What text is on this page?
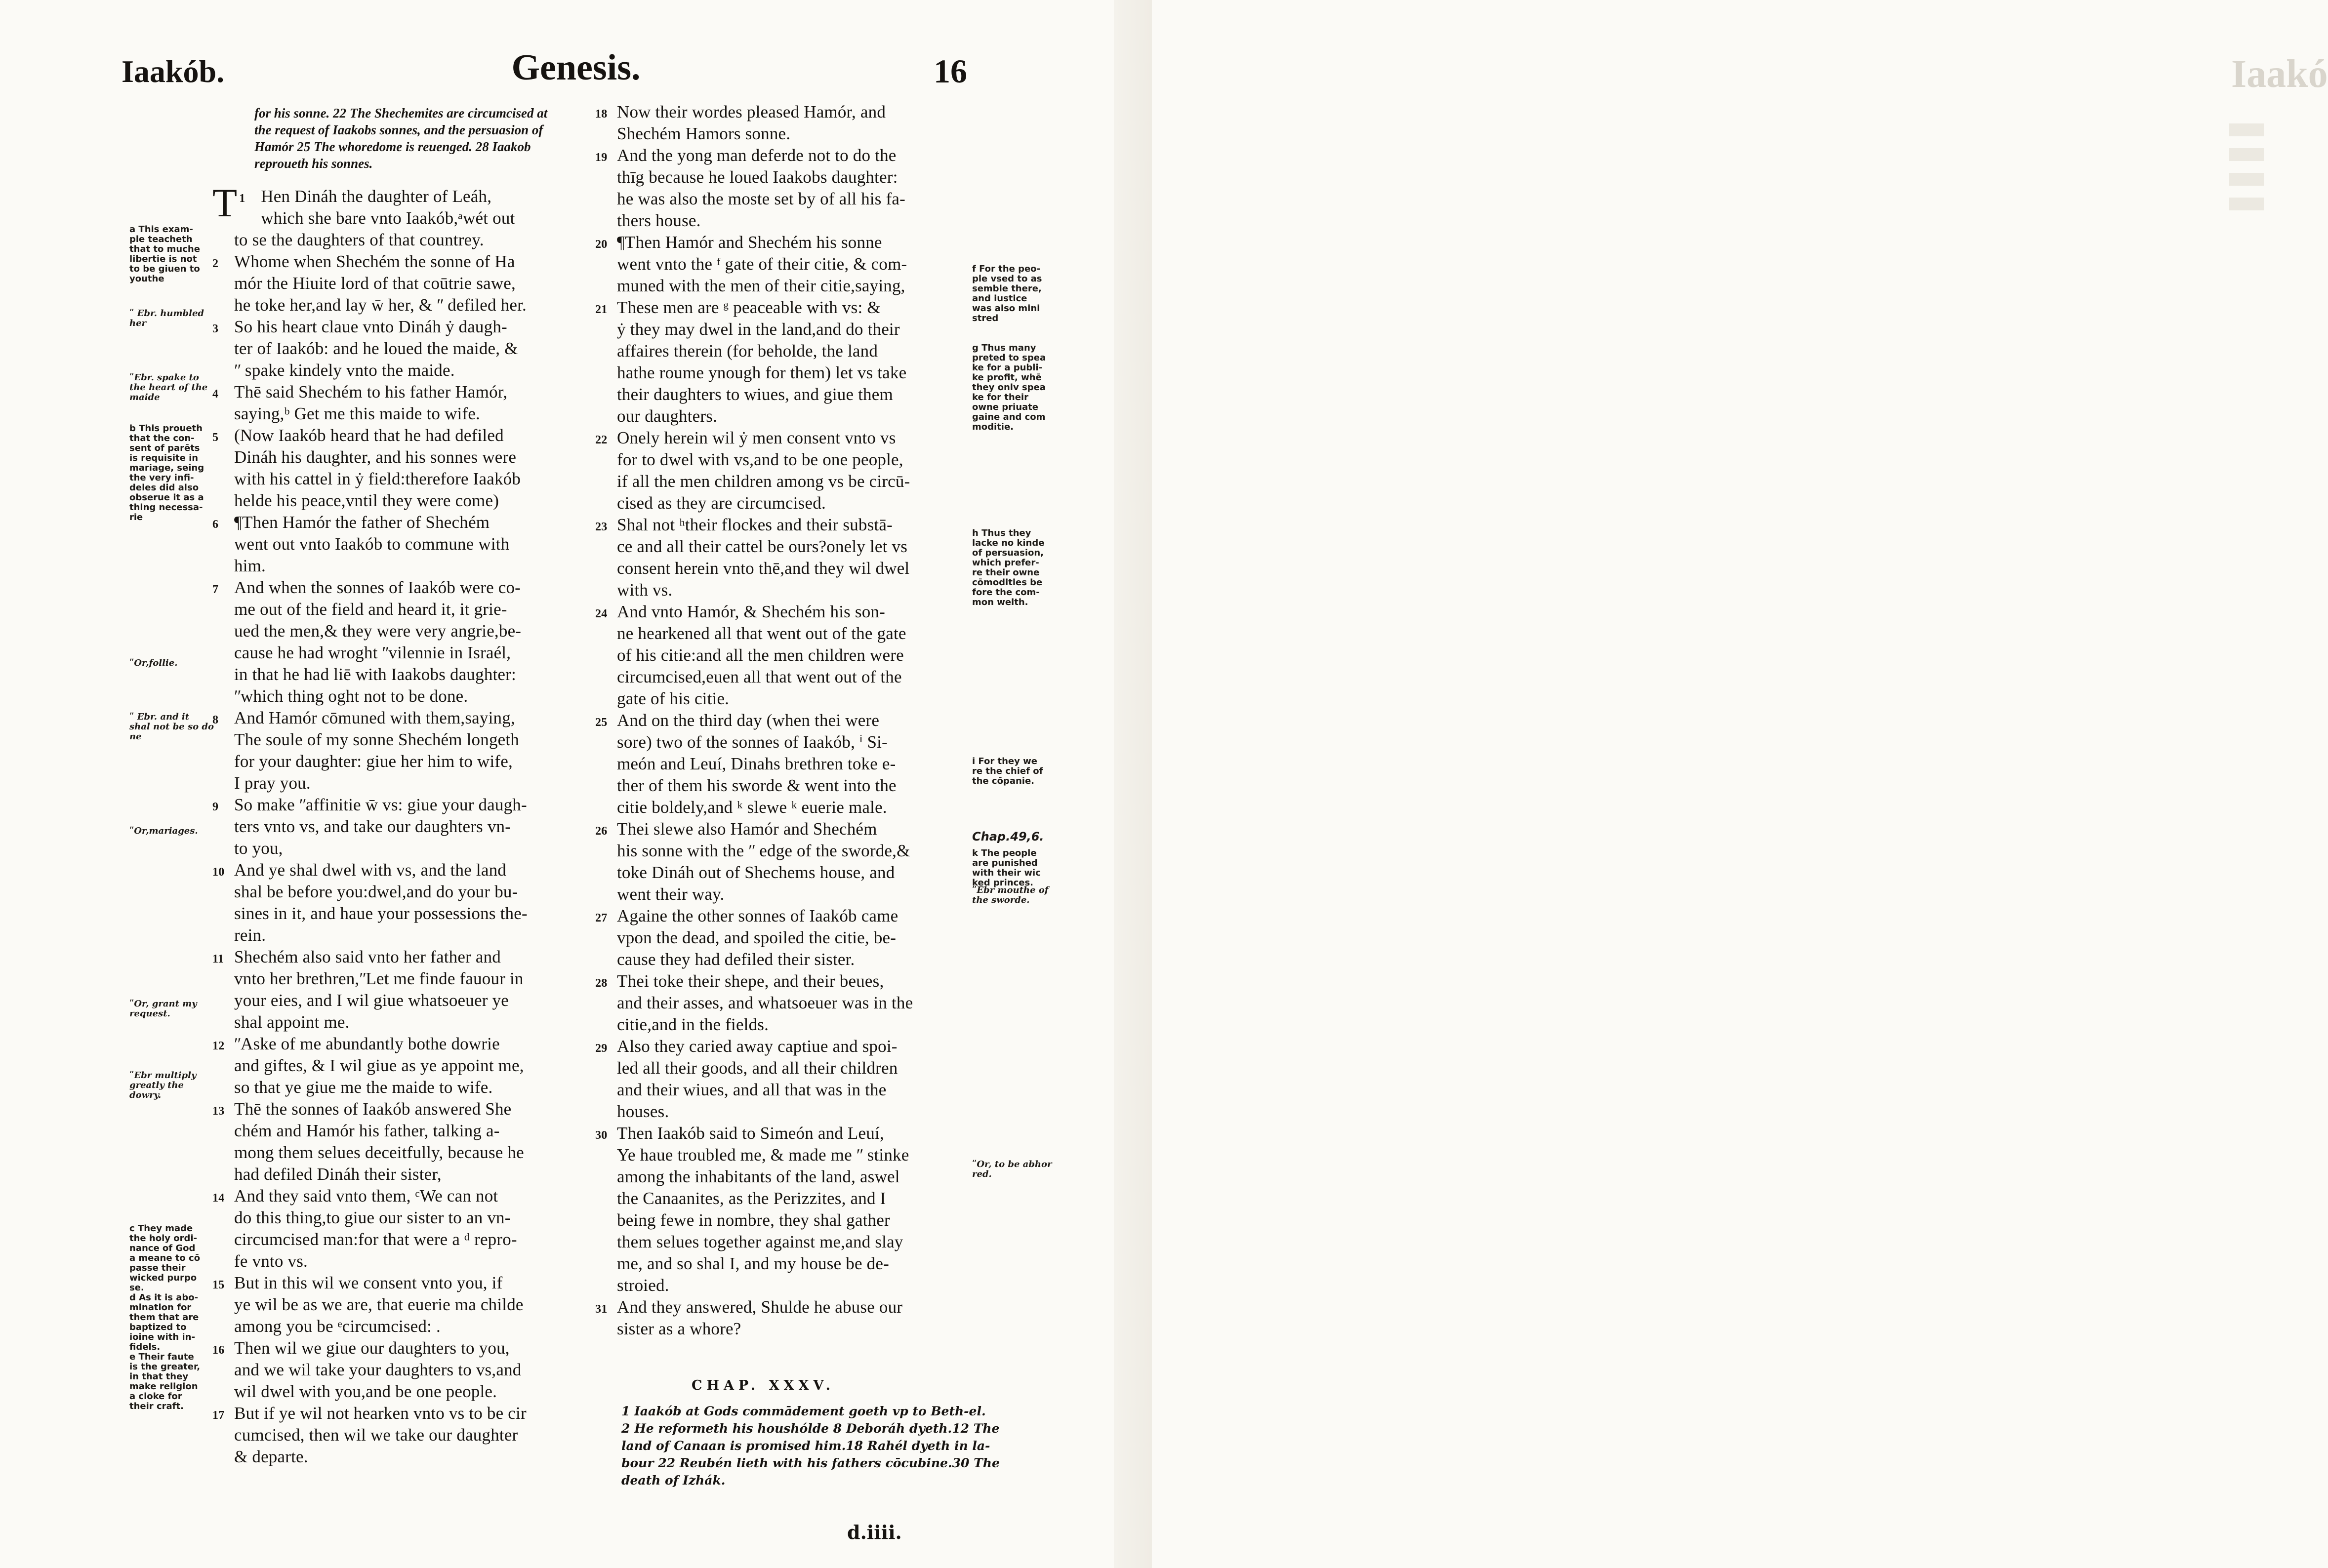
Iaakó
Iaakób.	Genesis.	16
for his sonne. 22 The Shechemites are circumcised at
the request of Iaakobs sonnes, and the persuasion of
Hamór 25 The whoredome is reuenged. 28 Iaakob
reproueth his sonnes.
1
T Hen Dináh the daughter of Leáh,
which she bare vnto Iaakób,ᵃwét out
to se the daughters of that countrey.
2 Whome when Shechém the sonne of Ha
mór the Hiuite lord of that coūtrie sawe,
he toke her,and lay w̄ her, & ʺ defiled her.
3 So his heart claue vnto Dináh ẏ daugh-
ter of Iaakób: and he loued the maide, &
ʺ spake kindely vnto the maide.
4 Thē said Shechém to his father Hamór,
saying,ᵇ Get me this maide to wife.
5 (Now Iaakób heard that he had defiled
Dináh his daughter, and his sonnes were
with his cattel in ẏ field:therefore Iaakób
helde his peace,vntil they were come)
6 ¶Then Hamór the father of Shechém
went out vnto Iaakób to commune with
him.
7 And when the sonnes of Iaakób were co-
me out of the field and heard it, it grie-
ued the men,& they were very angrie,be-
cause he had wroght ʺvilennie in Israél,
in that he had liē with Iaakobs daughter:
ʺwhich thing oght not to be done.
8 And Hamór cōmuned with them,saying,
The soule of my sonne Shechém longeth
for your daughter: giue her him to wife,
I pray you.
9 So make ʺaffinitie w̄ vs: giue your daugh-
ters vnto vs, and take our daughters vn-
to you,
10 And ye shal dwel with vs, and the land
shal be before you:dwel,and do your bu-
sines in it, and haue your possessions the-
rein.
11 Shechém also said vnto her father and
vnto her brethren,ʺLet me finde fauour in
your eies, and I wil giue whatsoeuer ye
shal appoint me.
12 ʺAske of me abundantly bothe dowrie
and giftes, & I wil giue as ye appoint me,
so that ye giue me the maide to wife.
13 Thē the sonnes of Iaakób answered She
chém and Hamór his father, talking a-
mong them selues deceitfully, because he
had defiled Dináh their sister,
14 And they said vnto them, ᶜWe can not
do this thing,to giue our sister to an vn-
circumcised man:for that were a ᵈ repro-
fe vnto vs.
15 But in this wil we consent vnto you, if
ye wil be as we are, that euerie ma childe
among you be ᵉcircumcised: .
16 Then wil we giue our daughters to you,
and we wil take your daughters to vs,and
wil dwel with you,and be one people.
17 But if ye wil not hearken vnto vs to be cir
cumcised, then wil we take our daughter
& departe.
18 Now their wordes pleased Hamór, and
Shechém Hamors sonne.
19 And the yong man deferde not to do the
thīg because he loued Iaakobs daughter:
he was also the moste set by of all his fa-
thers house.
20 ¶Then Hamór and Shechém his sonne
went vnto the ᶠ gate of their citie, & com-
muned with the men of their citie,saying,
21 These men are ᵍ peaceable with vs: &
ẏ they may dwel in the land,and do their
affaires therein (for beholde, the land
hathe roume ynough for them) let vs take
their daughters to wiues, and giue them
our daughters.
22 Onely herein wil ẏ men consent vnto vs
for to dwel with vs,and to be one people,
if all the men children among vs be circū-
cised as they are circumcised.
23 Shal not ʰtheir flockes and their substā-
ce and all their cattel be ours?onely let vs
consent herein vnto thē,and they wil dwel
with vs.
24 And vnto Hamór, & Shechém his son-
ne hearkened all that went out of the gate
of his citie:and all the men children were
circumcised,euen all that went out of the
gate of his citie.
25 And on the third day (when thei were
sore) two of the sonnes of Iaakób, ⁱ Si-
meón and Leuí, Dinahs brethren toke e-
ther of them his sworde & went into the
citie boldely,and ᵏ slewe ᵏ euerie male.
26 Thei slewe also Hamór and Shechém
his sonne with the ʺ edge of the sworde,&
toke Dináh out of Shechems house, and
went their way.
27 Againe the other sonnes of Iaakób came
vpon the dead, and spoiled the citie, be-
cause they had defiled their sister.
28 Thei toke their shepe, and their beues,
and their asses, and whatsoeuer was in the
citie,and in the fields.
29 Also they caried away captiue and spoi-
led all their goods, and all their children
and their wiues, and all that was in the
houses.
30 Then Iaakób said to Simeón and Leuí,
Ye haue troubled me, & made me ʺ stinke
among the inhabitants of the land, aswel
the Canaanites, as the Perizzites, and I
being fewe in nombre, they shal gather
them selues together against me,and slay
me, and so shal I, and my house be de-
stroied.
31 And they answered, Shulde he abuse our
sister as a whore?
CHAP. XXXV.
1 Iaakób at Gods commādement goeth vp to Beth-el.
2 He reformeth his houshólde 8 Deboráh dyeth.12 The
land of Canaan is promised him.18 Rahél dyeth in la-
bour 22 Reubén lieth with his fathers cōcubine.30 The
death of Izhák.
d.iiii.
a This exam-
ple teacheth
that to muche
libertie is not
to be giuen to
youthe
ʺ Ebr. humbled
her
ʺEbr. spake to
the heart of the
maide
b This proueth
that the con-
sent of parēts
is requisite in
mariage, seing
the very infi-
deles did also
obserue it as a
thing necessa-
rie
ʺOr,follie.
ʺ Ebr. and it
shal not be so do
ne
ʺOr,mariages.
ʺOr, grant my
request.
ʺEbr multiply
greatly the
dowry.
c They made
the holy ordi-
nance of God
a meane to cō
passe their
wicked purpo
se.
d As it is abo-
mination for
them that are
baptized to
ioine with in-
fidels.
e Their faute
is the greater,
in that they
make religion
a cloke for
their craft.
f For the peo-
ple vsed to as
semble there,
and iustice
was also mini
stred
g Thus many
preted to spea
ke for a publi-
ke profit, whē
they onlv spea
ke for their
owne priuate
gaine and com
moditie.
h Thus they
lacke no kinde
of persuasion,
which prefer-
re their owne
cōmodities be
fore the com-
mon welth.
i For they we
re the chief of
the cōpanie.
Chap.49,6.
k The people
are punished
with their wic
ked princes.
ʺEbr mouthe of
the sworde.
ʺOr, to be abhor
red.
